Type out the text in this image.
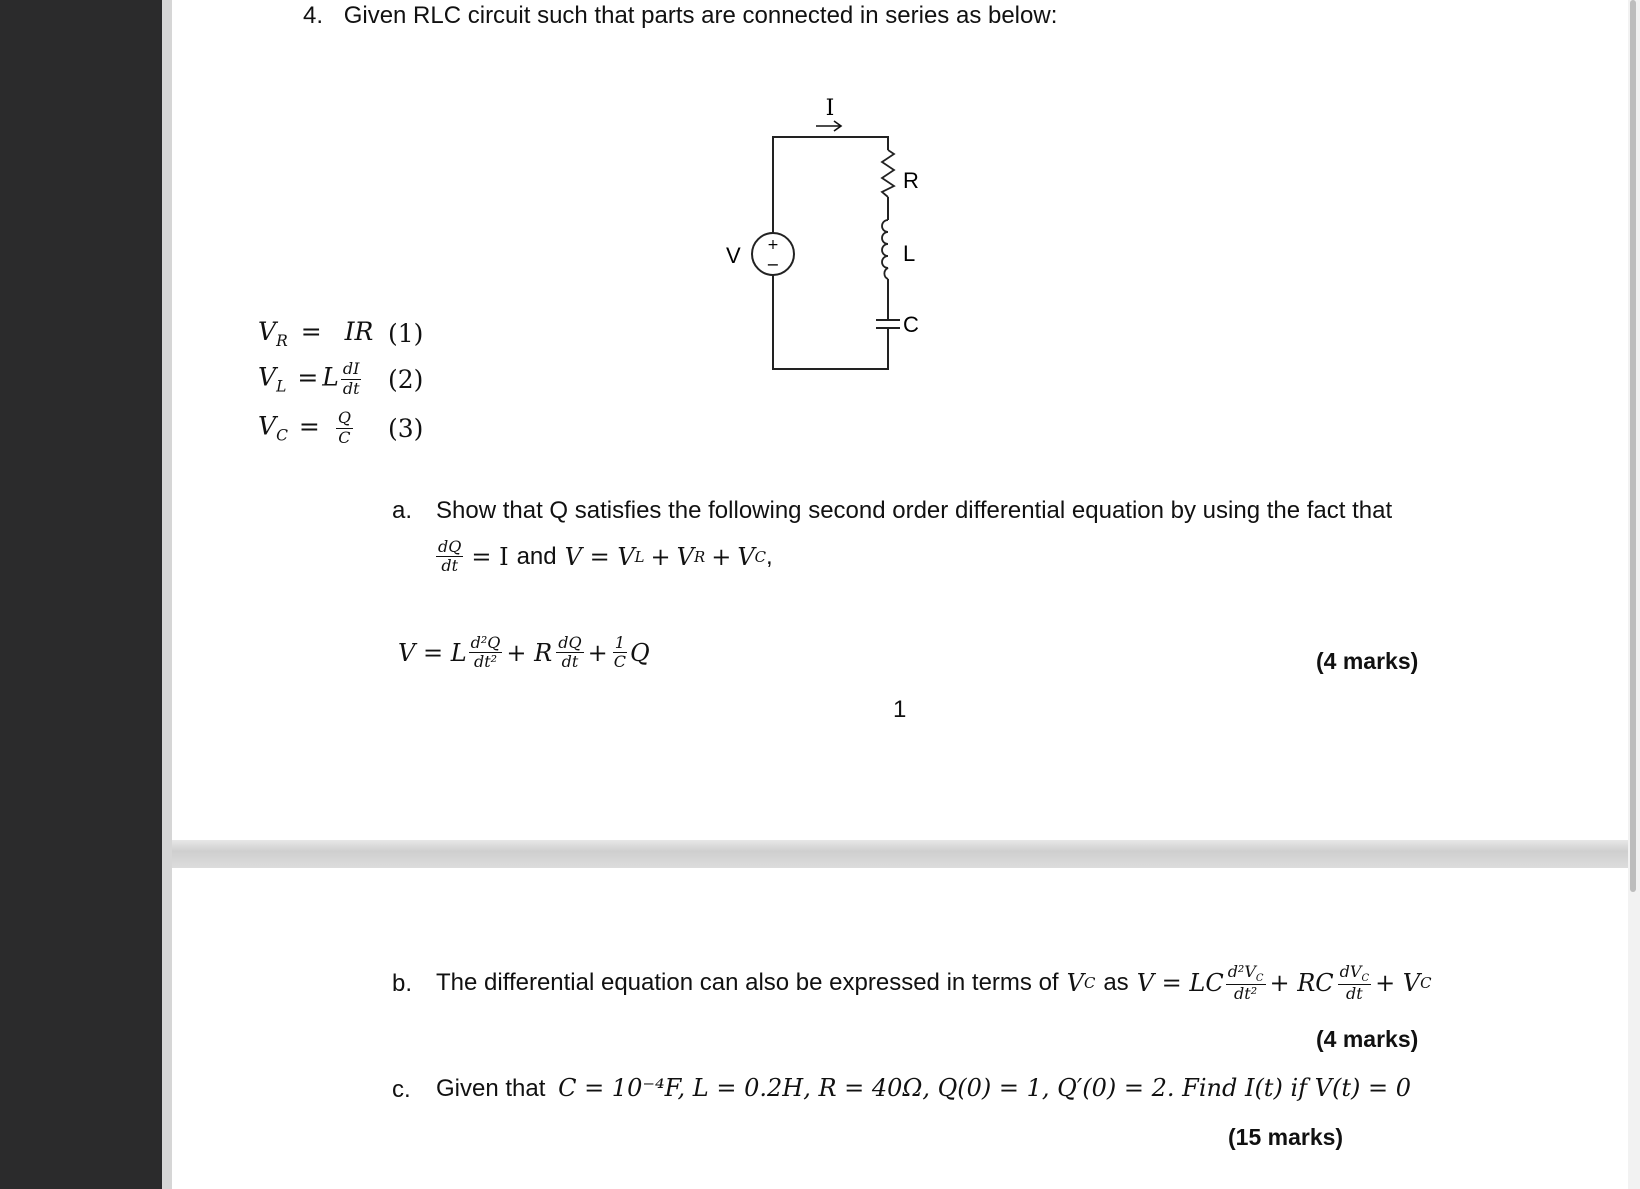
4. Given RLC circuit such that parts are connected in series as below:
I
R
L
C
+
−
V
$V_R$ = IR (1)
$V_L = L \frac{dI}{dt} (2)$
$V_C = \frac{Q}{C} (3)$
a. Show that Q satisfies the following second order differential equation by using the fact that
$\frac{dQ}{dt} = I$ and V = V L + V R + V C ,
V = L $\frac{\text{d²Q}}{\text{dt²}} + R \frac{dQ}{dt} + \frac{1}{C}$ Q	(4 marks)
1
b. The differential equation can also be expressed in terms of V C as V = LC $\frac{d^2V_C}{\text{dt²}}$ + RC $\frac{dV_C}{dt} + V$ C
(4 marks)
c. Given that C = 10⁻⁴F, L = 0.2H, R = 40Ω, Q(0) = 1, Q′(0) = 2. Find I(t) if V(t) = 0
(15 marks)
